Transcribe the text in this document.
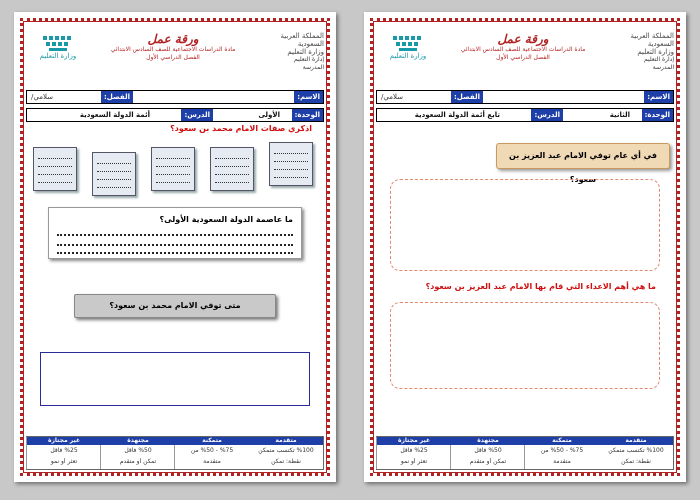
المملكة العربية السعودية
وزارة التعليم
إدارة التعليم
المدرسة
ورقة عمل
مادة الدراسات الاجتماعية للصف السادس الابتدائي
الفصل الدراسي الأول
وزارة التعليم
الاسم:
الفصل:
سلامي/
الوحدة:
الأولى
الدرس:
أئمة الدولة السعودية
اذكري صفات الامام محمد بن سعود؟
ما عاصمة الدولة السعودية الأولى؟
متى توفي الامام محمد بن سعود؟
متقدمة
%100 تكتسب متمكن
نقطة: تمكن
متمكنة
%75 - %50 من
متقدمة
مجتهدة
%50 فأقل
تمكن أو متقدم
غير مجتازة
%25 فأقل
تعثر أو نمو
المملكة العربية السعودية
وزارة التعليم
إدارة التعليم
المدرسة
ورقة عمل
مادة الدراسات الاجتماعية للصف السادس الابتدائي
الفصل الدراسي الأول
وزارة التعليم
الاسم:
الفصل:
سلامي/
الوحدة:
الثانية
الدرس:
تابع أئمة الدولة السعودية
في أي عام توفي الامام عبد العزيز بن سعود؟
ما هي أهم الاعداء التي قام بها الامام عبد العزيز بن سعود؟
متقدمة
%100 تكتسب متمكن
نقطة: تمكن
متمكنة
%75 - %50 من
متقدمة
مجتهدة
%50 فأقل
تمكن أو متقدم
غير مجتازة
%25 فأقل
تعثر أو نمو
